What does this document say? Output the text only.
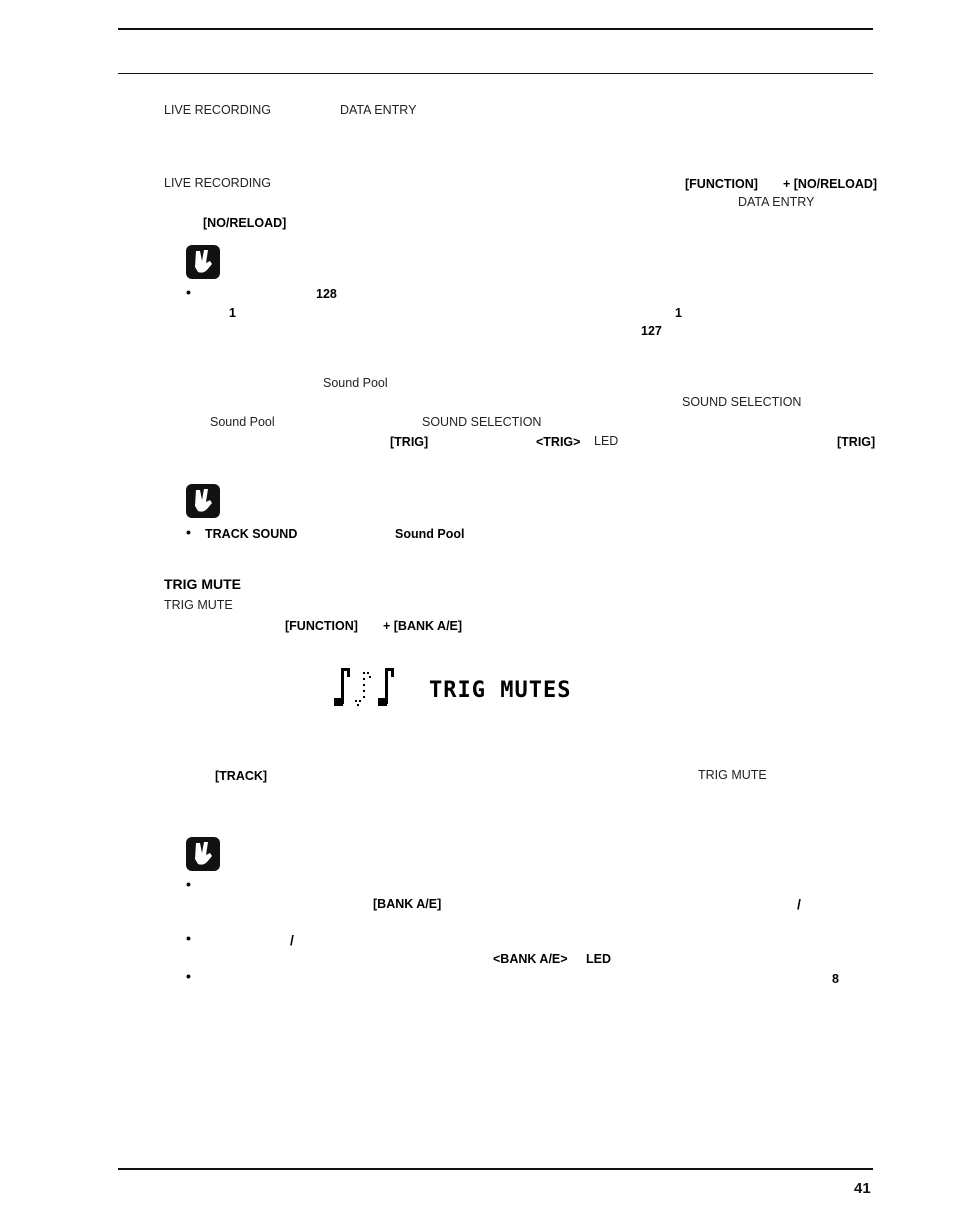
LIVE RECORDING	DATA ENTRY
LIVE RECORDING	[FUNCTION] + [NO/RELOAD]
DATA ENTRY
[NO/RELOAD]
•	128
1	1
127
Sound Pool
SOUND SELECTION
Sound Pool	SOUND SELECTION
[TRIG]	<TRIG> LED	[TRIG]
• TRACK SOUND	Sound Pool
TRIG MUTE
TRIG MUTE
[FUNCTION] + [BANK A/E]
TRIG MUTES
[TRACK]	TRIG MUTE
•
[BANK A/E]	/
•	/
<BANK A/E> LED
•	8
41
